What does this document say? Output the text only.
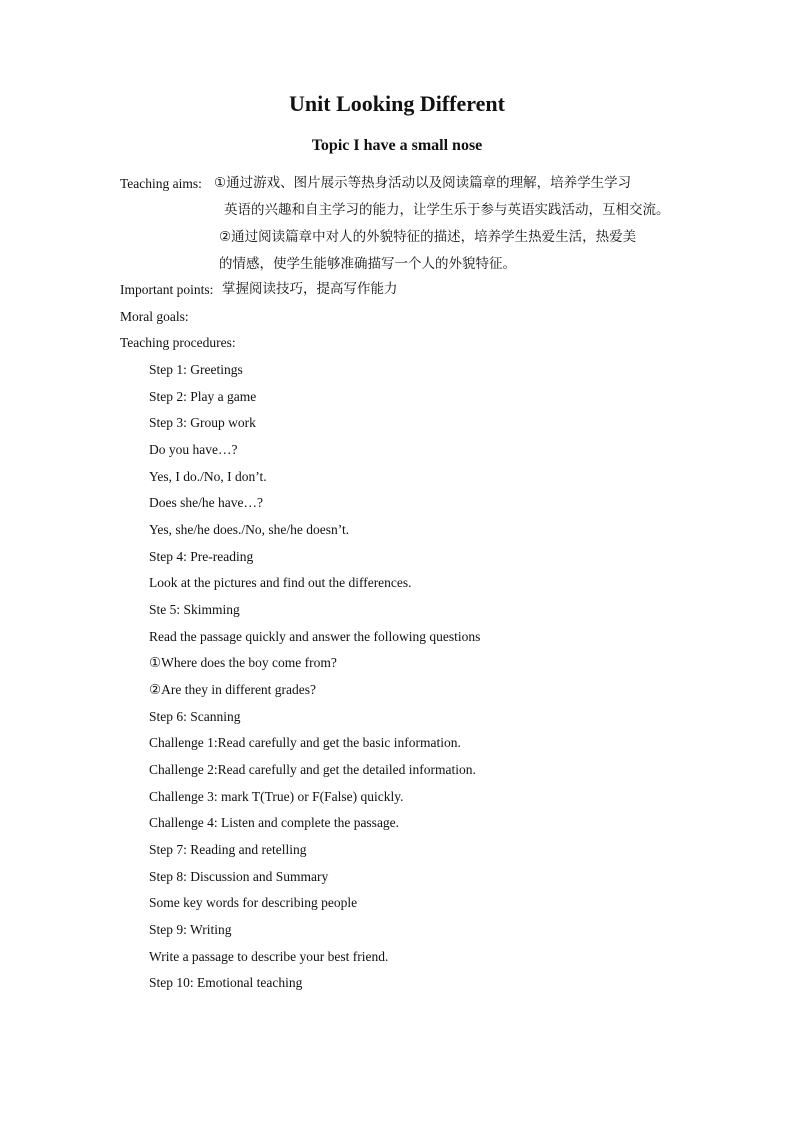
Unit Looking Different
Topic I have a small nose
Teaching aims: ①通过游戏、图片展示等热身活动以及阅读篇章的理解，培养学生学习
英语的兴趣和自主学习的能力，让学生乐于参与英语实践活动，互相交流。
②通过阅读篇章中对人的外貌特征的描述，培养学生热爱生活，热爱美
的情感，使学生能够准确描写一个人的外貌特征。
Important points: 掌握阅读技巧，提高写作能力
Moral goals:
Teaching procedures:
Step 1: Greetings
Step 2: Play a game
Step 3: Group work
Do you have…?
Yes, I do./No, I don’t.
Does she/he have…?
Yes, she/he does./No, she/he doesn’t.
Step 4: Pre-reading
Look at the pictures and find out the differences.
Ste 5: Skimming
Read the passage quickly and answer the following questions
①Where does the boy come from?
②Are they in different grades?
Step 6: Scanning
Challenge 1:Read carefully and get the basic information.
Challenge 2:Read carefully and get the detailed information.
Challenge 3: mark T(True) or F(False) quickly.
Challenge 4: Listen and complete the passage.
Step 7: Reading and retelling
Step 8: Discussion and Summary
Some key words for describing people
Step 9: Writing
Write a passage to describe your best friend.
Step 10: Emotional teaching
